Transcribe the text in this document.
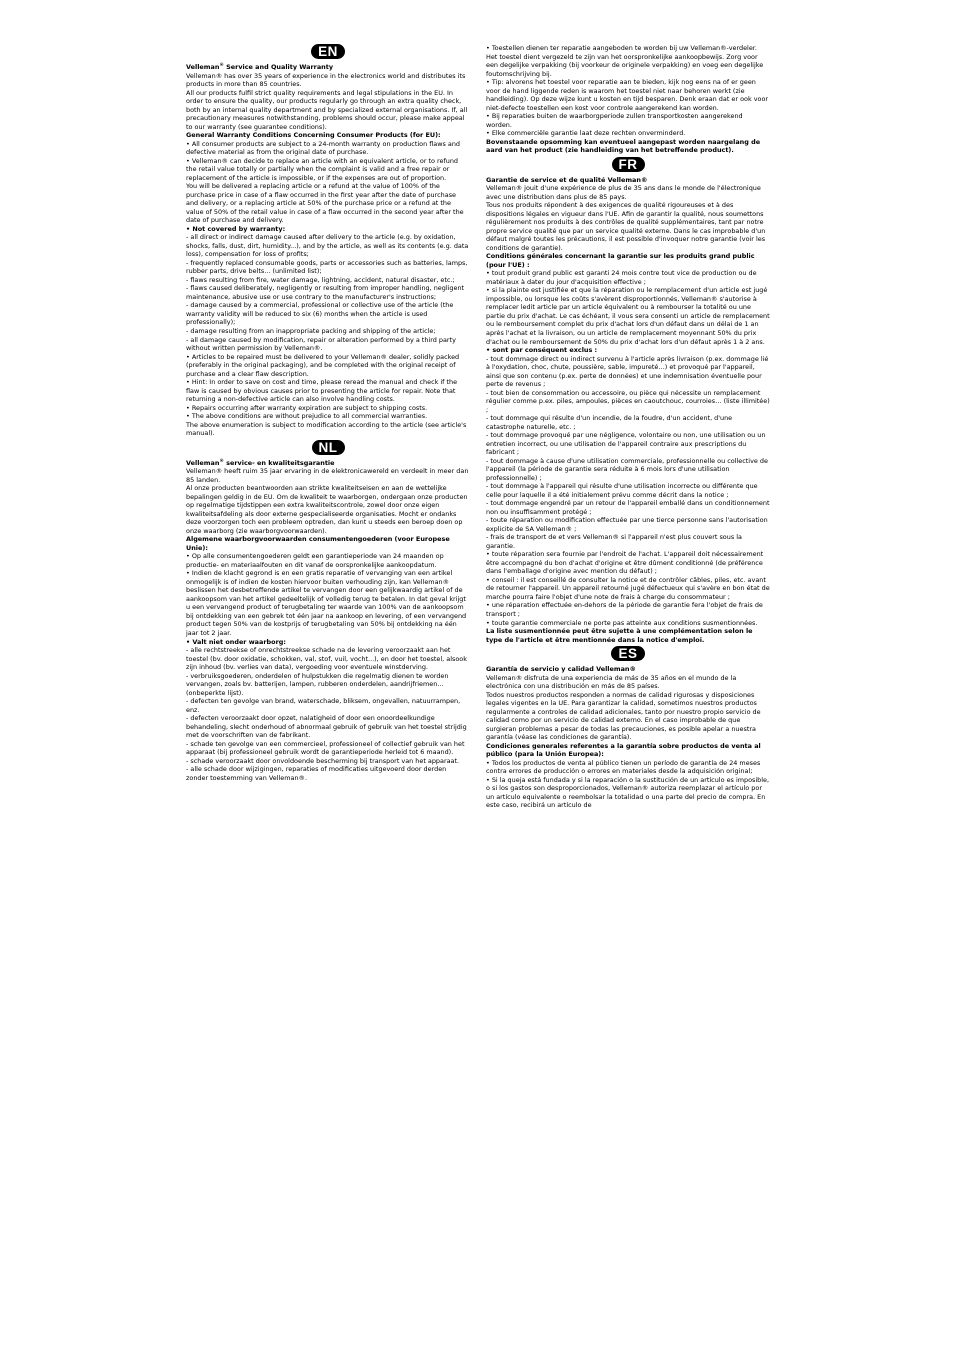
EN
Velleman® Service and Quality Warranty

Velleman® has over 35 years of experience in the electronics world and distributes its products in more than 85 countries.

All our products fulfil strict quality requirements and legal stipulations in the EU. In order to ensure the quality, our products regularly go through an extra quality check, both by an internal quality department and by specialized external organisations. If, all precautionary measures notwithstanding, problems should occur, please make appeal to our warranty (see guarantee conditions).

General Warranty Conditions Concerning Consumer Products (for EU):

• All consumer products are subject to a 24-month warranty on production flaws and defective material as from the original date of purchase.

• Velleman® can decide to replace an article with an equivalent article, or to refund the retail value totally or partially when the complaint is valid and a free repair or replacement of the article is impossible, or if the expenses are out of proportion.

You will be delivered a replacing article or a refund at the value of 100% of the purchase price in case of a flaw occurred in the first year after the date of purchase and delivery, or a replacing article at 50% of the purchase price or a refund at the value of 50% of the retail value in case of a flaw occurred in the second year after the date of purchase and delivery.

• Not covered by warranty:

- all direct or indirect damage caused after delivery to the article (e.g. by oxidation, shocks, falls, dust, dirt, humidity...), and by the article, as well as its contents (e.g. data loss), compensation for loss of profits;

- frequently replaced consumable goods, parts or accessories such as batteries, lamps, rubber parts, drive belts... (unlimited list);

- flaws resulting from fire, water damage, lightning, accident, natural disaster, etc.;

- flaws caused deliberately, negligently or resulting from improper handling, negligent maintenance, abusive use or use contrary to the manufacturer's instructions;

- damage caused by a commercial, professional or collective use of the article (the warranty validity will be reduced to six (6) months when the article is used professionally);

- damage resulting from an inappropriate packing and shipping of the article;

- all damage caused by modification, repair or alteration performed by a third party without written permission by Velleman®.

• Articles to be repaired must be delivered to your Velleman® dealer, solidly packed (preferably in the original packaging), and be completed with the original receipt of purchase and a clear flaw description.

• Hint: In order to save on cost and time, please reread the manual and check if the flaw is caused by obvious causes prior to presenting the article for repair. Note that returning a non-defective article can also involve handling costs.

• Repairs occurring after warranty expiration are subject to shipping costs.

• The above conditions are without prejudice to all commercial warranties.

The above enumeration is subject to modification according to the article (see article's manual).

NL
Velleman® service- en kwaliteitsgarantie

Velleman® heeft ruim 35 jaar ervaring in de elektronicawereld en verdeelt in meer dan 85 landen.

Al onze producten beantwoorden aan strikte kwaliteitseisen en aan de wettelijke bepalingen geldig in de EU. Om de kwaliteit te waarborgen, ondergaan onze producten op regelmatige tijdstippen een extra kwaliteitscontrole, zowel door onze eigen kwaliteitsafdeling als door externe gespecialiseerde organisaties. Mocht er ondanks deze voorzorgen toch een probleem optreden, dan kunt u steeds een beroep doen op onze waarborg (zie waarborgvoorwaarden).

Algemene waarborgvoorwaarden consumentengoederen (voor Europese Unie):

• Op alle consumentengoederen geldt een garantieperiode van 24 maanden op productie- en materiaalfouten en dit vanaf de oorspronkelijke aankoopdatum.

• Indien de klacht gegrond is en een gratis reparatie of vervanging van een artikel onmogelijk is of indien de kosten hiervoor buiten verhouding zijn, kan Velleman® beslissen het desbetreffende artikel te vervangen door een gelijkwaardig artikel of de aankoopsom van het artikel gedeeltelijk of volledig terug te betalen. In dat geval krijgt u een vervangend product of terugbetaling ter waarde van 100% van de aankoopsom bij ontdekking van een gebrek tot één jaar na aankoop en levering, of een vervangend product tegen 50% van de kostprijs of terugbetaling van 50% bij ontdekking na één jaar tot 2 jaar.

• Valt niet onder waarborg:

- alle rechtstreekse of onrechtstreekse schade na de levering veroorzaakt aan het toestel (bv. door oxidatie, schokken, val, stof, vuil, vocht...), en door het toestel, alsook zijn inhoud (bv. verlies van data), vergoeding voor eventuele winstderving.

- verbruiksgoederen, onderdelen of hulpstukken die regelmatig dienen te worden vervangen, zoals bv. batterijen, lampen, rubberen onderdelen, aandrijfriemen... (onbeperkte lijst).

- defecten ten gevolge van brand, waterschade, bliksem, ongevallen, natuurrampen, enz.

- defecten veroorzaakt door opzet, nalatigheid of door een onoordeelkundige behandeling, slecht onderhoud of abnormaal gebruik of gebruik van het toestel strijdig met de voorschriften van de fabrikant.

- schade ten gevolge van een commercieel, professioneel of collectief gebruik van het apparaat (bij professioneel gebruik wordt de garantieperiode herleid tot 6 maand).

- schade veroorzaakt door onvoldoende bescherming bij transport van het apparaat.

- alle schade door wijzigingen, reparaties of modificaties uitgevoerd door derden zonder toestemming van Velleman®.

• Toestellen dienen ter reparatie aangeboden te worden bij uw Velleman®-verdeler. Het toestel dient vergezeld te zijn van het oorspronkelijke aankoopbewijs. Zorg voor een degelijke verpakking (bij voorkeur de originele verpakking) en voeg een degelijke foutomschrijving bij.

• Tip: alvorens het toestel voor reparatie aan te bieden, kijk nog eens na of er geen voor de hand liggende reden is waarom het toestel niet naar behoren werkt (zie handleiding). Op deze wijze kunt u kosten en tijd besparen. Denk eraan dat er ook voor niet-defecte toestellen een kost voor controle aangerekend kan worden.

• Bij reparaties buiten de waarborgperiode zullen transportkosten aangerekend worden.

• Elke commerciële garantie laat deze rechten onverminderd.

Bovenstaande opsomming kan eventueel aangepast worden naargelang de aard van het product (zie handleiding van het betreffende product).

FR
Garantie de service et de qualité Velleman®

Velleman® jouit d'une expérience de plus de 35 ans dans le monde de l'électronique avec une distribution dans plus de 85 pays.

Tous nos produits répondent à des exigences de qualité rigoureuses et à des dispositions légales en vigueur dans l'UE. Afin de garantir la qualité, nous soumettons régulièrement nos produits à des contrôles de qualité supplémentaires, tant par notre propre service qualité que par un service qualité externe. Dans le cas improbable d'un défaut malgré toutes les précautions, il est possible d'invoquer notre garantie (voir les conditions de garantie).

Conditions générales concernant la garantie sur les produits grand public (pour l'UE) :

• tout produit grand public est garanti 24 mois contre tout vice de production ou de matériaux à dater du jour d'acquisition effective ;

• si la plainte est justifiée et que la réparation ou le remplacement d'un article est jugé impossible, ou lorsque les coûts s'avèrent disproportionnés, Velleman® s'autorise à remplacer ledit article par un article équivalent ou à rembourser la totalité ou une partie du prix d'achat. Le cas échéant, il vous sera consenti un article de remplacement ou le remboursement complet du prix d'achat lors d'un défaut dans un délai de 1 an après l'achat et la livraison, ou un article de remplacement moyennant 50% du prix d'achat ou le remboursement de 50% du prix d'achat lors d'un défaut après 1 à 2 ans.

• sont par conséquent exclus :

- tout dommage direct ou indirect survenu à l'article après livraison (p.ex. dommage lié à l'oxydation, choc, chute, poussière, sable, impureté…) et provoqué par l'appareil, ainsi que son contenu (p.ex. perte de données) et une indemnisation éventuelle pour perte de revenus ;

- tout bien de consommation ou accessoire, ou pièce qui nécessite un remplacement régulier comme p.ex. piles, ampoules, pièces en caoutchouc, courroies… (liste illimitée) ;

- tout dommage qui résulte d'un incendie, de la foudre, d'un accident, d'une catastrophe naturelle, etc. ;

- tout dommage provoqué par une négligence, volontaire ou non, une utilisation ou un entretien incorrect, ou une utilisation de l'appareil contraire aux prescriptions du fabricant ;

- tout dommage à cause d'une utilisation commerciale, professionnelle ou collective de l'appareil (la période de garantie sera réduite à 6 mois lors d'une utilisation professionnelle) ;

- tout dommage à l'appareil qui résulte d'une utilisation incorrecte ou différente que celle pour laquelle il a été initialement prévu comme décrit dans la notice ;

- tout dommage engendré par un retour de l'appareil emballé dans un conditionnement non ou insuffisamment protégé ;

- toute réparation ou modification effectuée par une tierce personne sans l'autorisation explicite de SA Velleman® ;

- frais de transport de et vers Velleman® si l'appareil n'est plus couvert sous la garantie.

• toute réparation sera fournie par l'endroit de l'achat. L'appareil doit nécessairement être accompagné du bon d'achat d'origine et être dûment conditionné (de préférence dans l'emballage d'origine avec mention du défaut) ;

• conseil : il est conseillé de consulter la notice et de contrôler câbles, piles, etc. avant de retourner l'appareil. Un appareil retourné jugé défectueux qui s'avère en bon état de marche pourra faire l'objet d'une note de frais à charge du consommateur ;

• une réparation effectuée en-dehors de la période de garantie fera l'objet de frais de transport ;

• toute garantie commerciale ne porte pas atteinte aux conditions susmentionnées.

La liste susmentionnée peut être sujette à une complémentation selon le type de l'article et être mentionnée dans la notice d'emploi.

ES
Garantía de servicio y calidad Velleman®

Velleman® disfruta de una experiencia de más de 35 años en el mundo de la electrónica con una distribución en más de 85 países.

Todos nuestros productos responden a normas de calidad rigurosas y disposiciones legales vigentes en la UE. Para garantizar la calidad, sometimos nuestros productos regularmente a controles de calidad adicionales, tanto por nuestro propio servicio de calidad como por un servicio de calidad externo. En el caso improbable de que surgieran problemas a pesar de todas las precauciones, es posible apelar a nuestra garantía (véase las condiciones de garantía).

Condiciones generales referentes a la garantía sobre productos de venta al público (para la Unión Europea):

• Todos los productos de venta al público tienen un período de garantía de 24 meses contra errores de producción o errores en materiales desde la adquisición original;

• Si la queja está fundada y si la reparación o la sustitución de un artículo es imposible, o si los gastos son desproporcionados, Velleman® autoriza reemplazar el artículo por un artículo equivalente o reembolsar la totalidad o una parte del precio de compra. En este caso, recibirá un artículo de
